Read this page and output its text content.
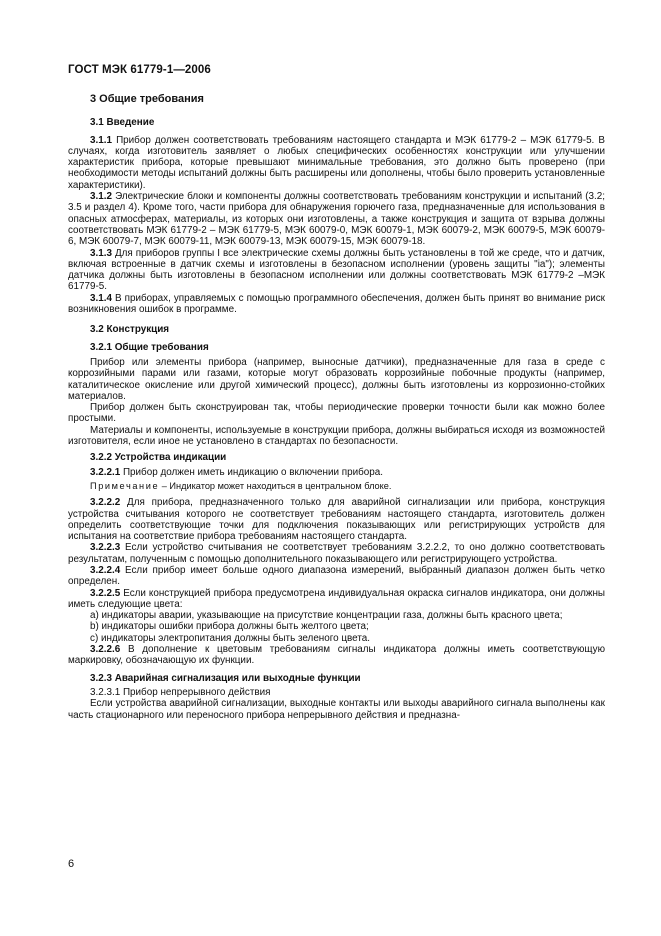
ГОСТ МЭК 61779-1—2006
3 Общие требования
3.1 Введение

3.1.1 Прибор должен соответствовать требованиям настоящего стандарта и МЭК 61779-2 – МЭК 61779-5. В случаях, когда изготовитель заявляет о любых специфических особенностях конструкции или улучшении характеристик прибора, которые превышают минимальные требования, это должно быть проверено (при необходимости методы испытаний должны быть расширены или дополнены, чтобы было проверить установленные характеристики).

3.1.2 Электрические блоки и компоненты должны соответствовать требованиям конструкции и испытаний (3.2; 3.5 и раздел 4). Кроме того, части прибора для обнаружения горючего газа, предназначенные для использования в опасных атмосферах, материалы, из которых они изготовлены, а также конструкция и защита от взрыва должны соответствовать МЭК 61779-2 – МЭК 61779-5, МЭК 60079-0, МЭК 60079-1, МЭК 60079-2, МЭК 60079-5, МЭК 60079-6, МЭК 60079-7, МЭК 60079-11, МЭК 60079-13, МЭК 60079-15, МЭК 60079-18.

3.1.3 Для приборов группы I все электрические схемы должны быть установлены в той же среде, что и датчик, включая встроенные в датчик схемы и изготовлены в безопасном исполнении (уровень защиты "ia"); элементы датчика должны быть изготовлены в безопасном исполнении или должны соответствовать МЭК 61779-2 –МЭК 61779-5.

3.1.4 В приборах, управляемых с помощью программного обеспечения, должен быть принят во внимание риск возникновения ошибок в программе.

3.2 Конструкция
3.2.1 Общие требования

Прибор или элементы прибора (например, выносные датчики), предназначенные для газа в среде с коррозийными парами или газами, которые могут образовать коррозийные побочные продукты (например, каталитическое окисление или другой химический процесс), должны быть изготовлены из коррозионно-стойких материалов.

Прибор должен быть сконструирован так, чтобы периодические проверки точности были как можно более простыми.

Материалы и компоненты, используемые в конструкции прибора, должны выбираться исходя из возможностей изготовителя, если иное не установлено в стандартах по безопасности.

3.2.2 Устройства индикации

3.2.2.1 Прибор должен иметь индикацию о включении прибора.

Примечание – Индикатор может находиться в центральном блоке.

3.2.2.2 Для прибора, предназначенного только для аварийной сигнализации или прибора, конструкция устройства считывания которого не соответствует требованиям настоящего стандарта, изготовитель должен определить соответствующие точки для подключения показывающих или регистрирующих устройств для испытания на соответствие прибора требованиям настоящего стандарта.

3.2.2.3 Если устройство считывания не соответствует требованиям 3.2.2.2, то оно должно соответствовать результатам, полученным с помощью дополнительного показывающего или регистрирующего устройства.

3.2.2.4 Если прибор имеет больше одного диапазона измерений, выбранный диапазон должен быть четко определен.

3.2.2.5 Если конструкцией прибора предусмотрена индивидуальная окраска сигналов индикатора, они должны иметь следующие цвета:

a) индикаторы аварии, указывающие на присутствие концентрации газа, должны быть красного цвета;

b) индикаторы ошибки прибора должны быть желтого цвета;

c) индикаторы электропитания должны быть зеленого цвета.

3.2.2.6 В дополнение к цветовым требованиям сигналы индикатора должны иметь соответствующую маркировку, обозначающую их функции.

3.2.3 Аварийная сигнализация или выходные функции

3.2.3.1 Прибор непрерывного действия

Если устройства аварийной сигнализации, выходные контакты или выходы аварийного сигнала выполнены как часть стационарного или переносного прибора непрерывного действия и предназна-

6
